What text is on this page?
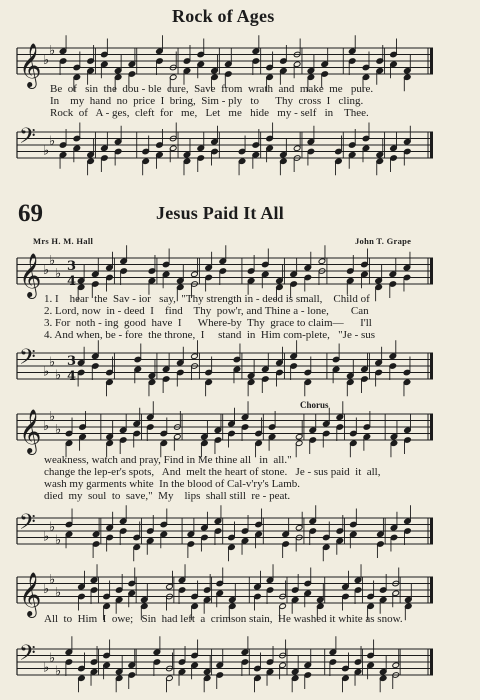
Rock of Ages
𝄞 ♭
♭
Be  of   sin  the  dou - ble  cure,  Save  from  wrath  and  make  me   pure.
In    my  hand  no  price  I  bring,  Sim - ply   to      Thy  cross  I   cling.
Rock  of   A - ges,  cleft  for   me,   Let   me   hide   my - self   in    Thee.
𝄢 ♭
♭
69	Jesus Paid It All
Mrs H. M. Hall	John T. Grape
𝄞 ♭
♭
♭ 3
4
1. I    hear  the  Sav - ior   say,  "Thy strength in - deed is small,    Child of
2. Lord, now  in - deed  I    find    Thy  pow'r, and Thine a - lone,        Can
3. For  noth - ing  good  have  I      Where-by  Thy  grace to claim—      I'll
4. And when, be - fore  the throne,  I     stand  in  Him com-plete,   "Je - sus
𝄢 ♭
♭
♭
3
4
Chorus
𝄞 ♭
♭
♭
weakness, watch and pray, Find in Me thine all   in  all."
change the lep-er's spots,   And  melt the heart of stone.   Je - sus paid  it  all,
wash my garments white  In the blood of Cal-v'ry's Lamb.
died  my  soul  to  save,"  My    lips  shall still  re - peat.
𝄢 ♭
♭
♭
𝄞 ♭
♭
♭
All  to  Him  I  owe;   Sin  had left  a  crimson stain,  He washed it white as snow.
𝄢 ♭
♭
♭
